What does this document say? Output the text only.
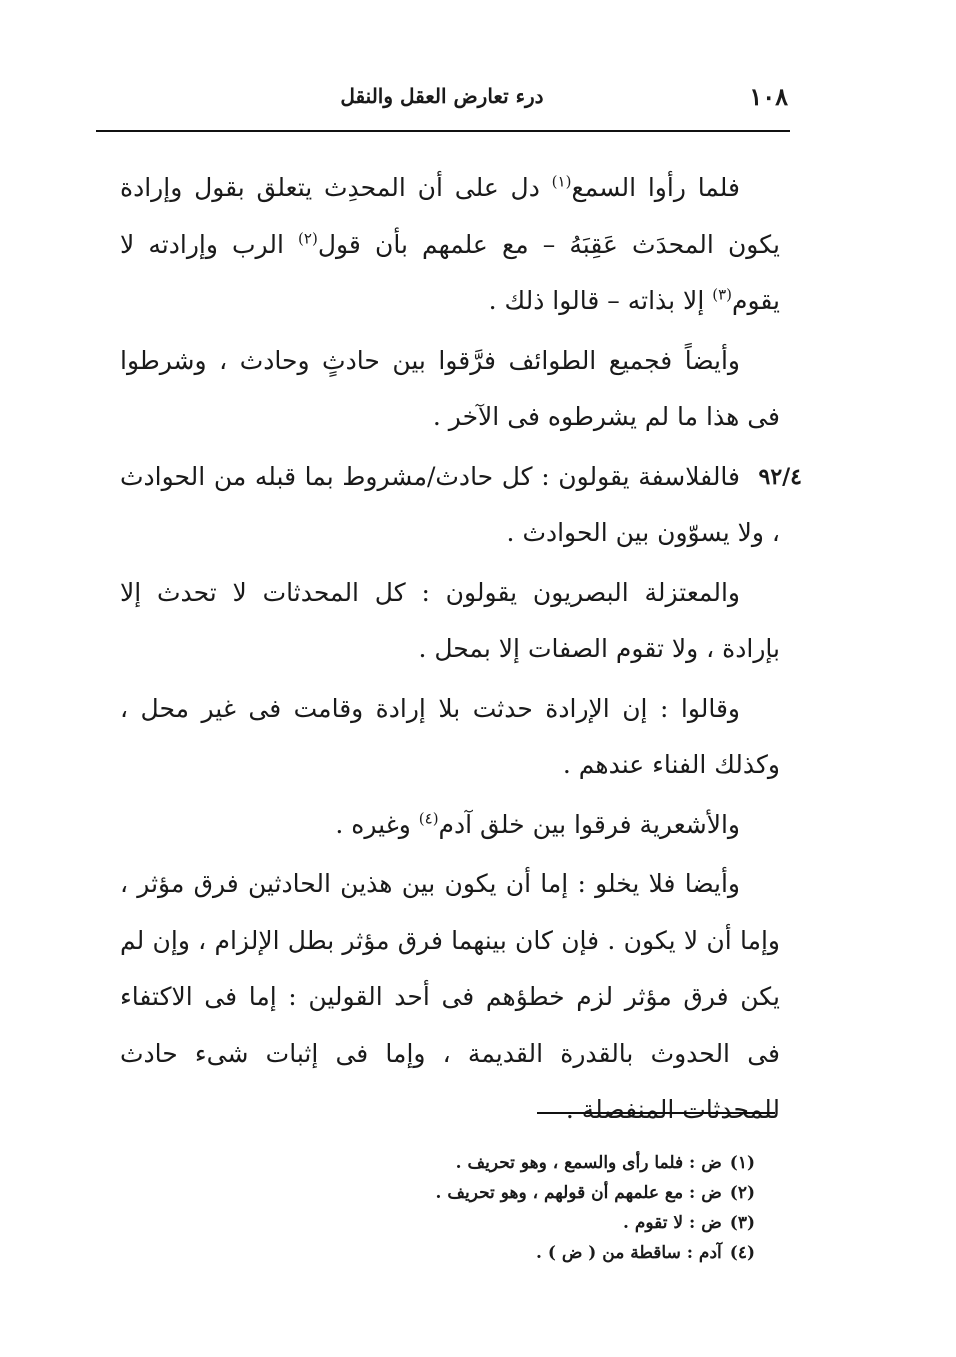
١٠٨
درء تعارض العقل والنقل
فلما رأوا السمع$^{(١)}$ دل على أن المحدِث يتعلق بقول وإرادة يكون المحدَث عَقِبَهُ – مع علمهم بأن قول$^{(٢)}$ الرب وإرادته لا يقوم$^{(٣)}$ إلا بذاته – قالوا ذلك .
وأيضاً فجميع الطوائف فرَّقوا بين حادثٍ وحادث ، وشرطوا فى هذا ما لم يشرطوه فى الآخر .
٩٢/٤
فالفلاسفة يقولون : كل حادث/مشروط بما قبله من الحوادث ، ولا يسوّون بين الحوادث .
والمعتزلة البصريون يقولون : كل المحدثات لا تحدث إلا بإرادة ، ولا تقوم الصفات إلا بمحل .
وقالوا : إن الإرادة حدثت بلا إرادة وقامت فى غير محل ، وكذلك الفناء عندهم .
والأشعرية فرقوا بين خلق آدم$^{(٤)}$ وغيره .
وأيضا فلا يخلو : إما أن يكون بين هذين الحادثين فرق مؤثر ، وإما أن لا يكون . فإن كان بينهما فرق مؤثر بطل الإلزام ، وإن لم يكن فرق مؤثر لزم خطؤهم فى أحد القولين : إما فى الاكتفاء فى الحدوث بالقدرة القديمة ، وإما فى إثبات شىء حادث للمحدثات المنفصلة .
(١)ض : فلما رأى والسمع ، وهو تحريف .
(٢)ض : مع علمهم أن قولهم ، وهو تحريف .
(٣)ض : لا تقوم .
(٤)آدم : ساقطة من ( ض ) .
